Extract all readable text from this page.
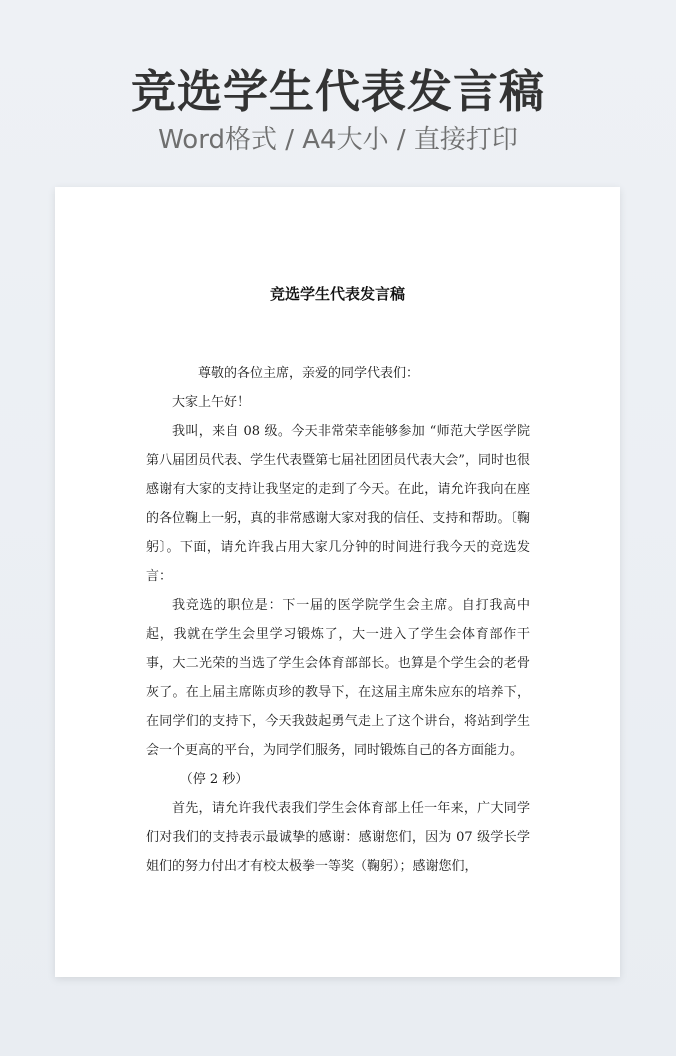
竞选学生代表发言稿
Word格式 / A4大小 / 直接打印
竞选学生代表发言稿

尊敬的各位主席，亲爱的同学代表们：

大家上午好！

我叫，来自 08 级。今天非常荣幸能够参加 “师范大学医学院第八届团员代表、学生代表暨第七届社团团员代表大会”，同时也很感谢有大家的支持让我坚定的走到了今天。在此，请允许我向在座的各位鞠上一躬，真的非常感谢大家对我的信任、支持和帮助。〔鞠躬〕。下面，请允许我占用大家几分钟的时间进行我今天的竞选发言：

我竞选的职位是：下一届的医学院学生会主席。自打我高中起，我就在学生会里学习锻炼了，大一进入了学生会体育部作干事，大二光荣的当选了学生会体育部部长。也算是个学生会的老骨灰了。在上届主席陈贞珍的教导下，在这届主席朱应东的培养下，在同学们的支持下，今天我鼓起勇气走上了这个讲台，将站到学生会一个更高的平台，为同学们服务，同时锻炼自己的各方面能力。

（停 2 秒）

首先，请允许我代表我们学生会体育部上任一年来，广大同学们对我们的支持表示最诚挚的感谢：感谢您们，因为 07 级学长学姐们的努力付出才有校太极拳一等奖（鞠躬）；感谢您们，
